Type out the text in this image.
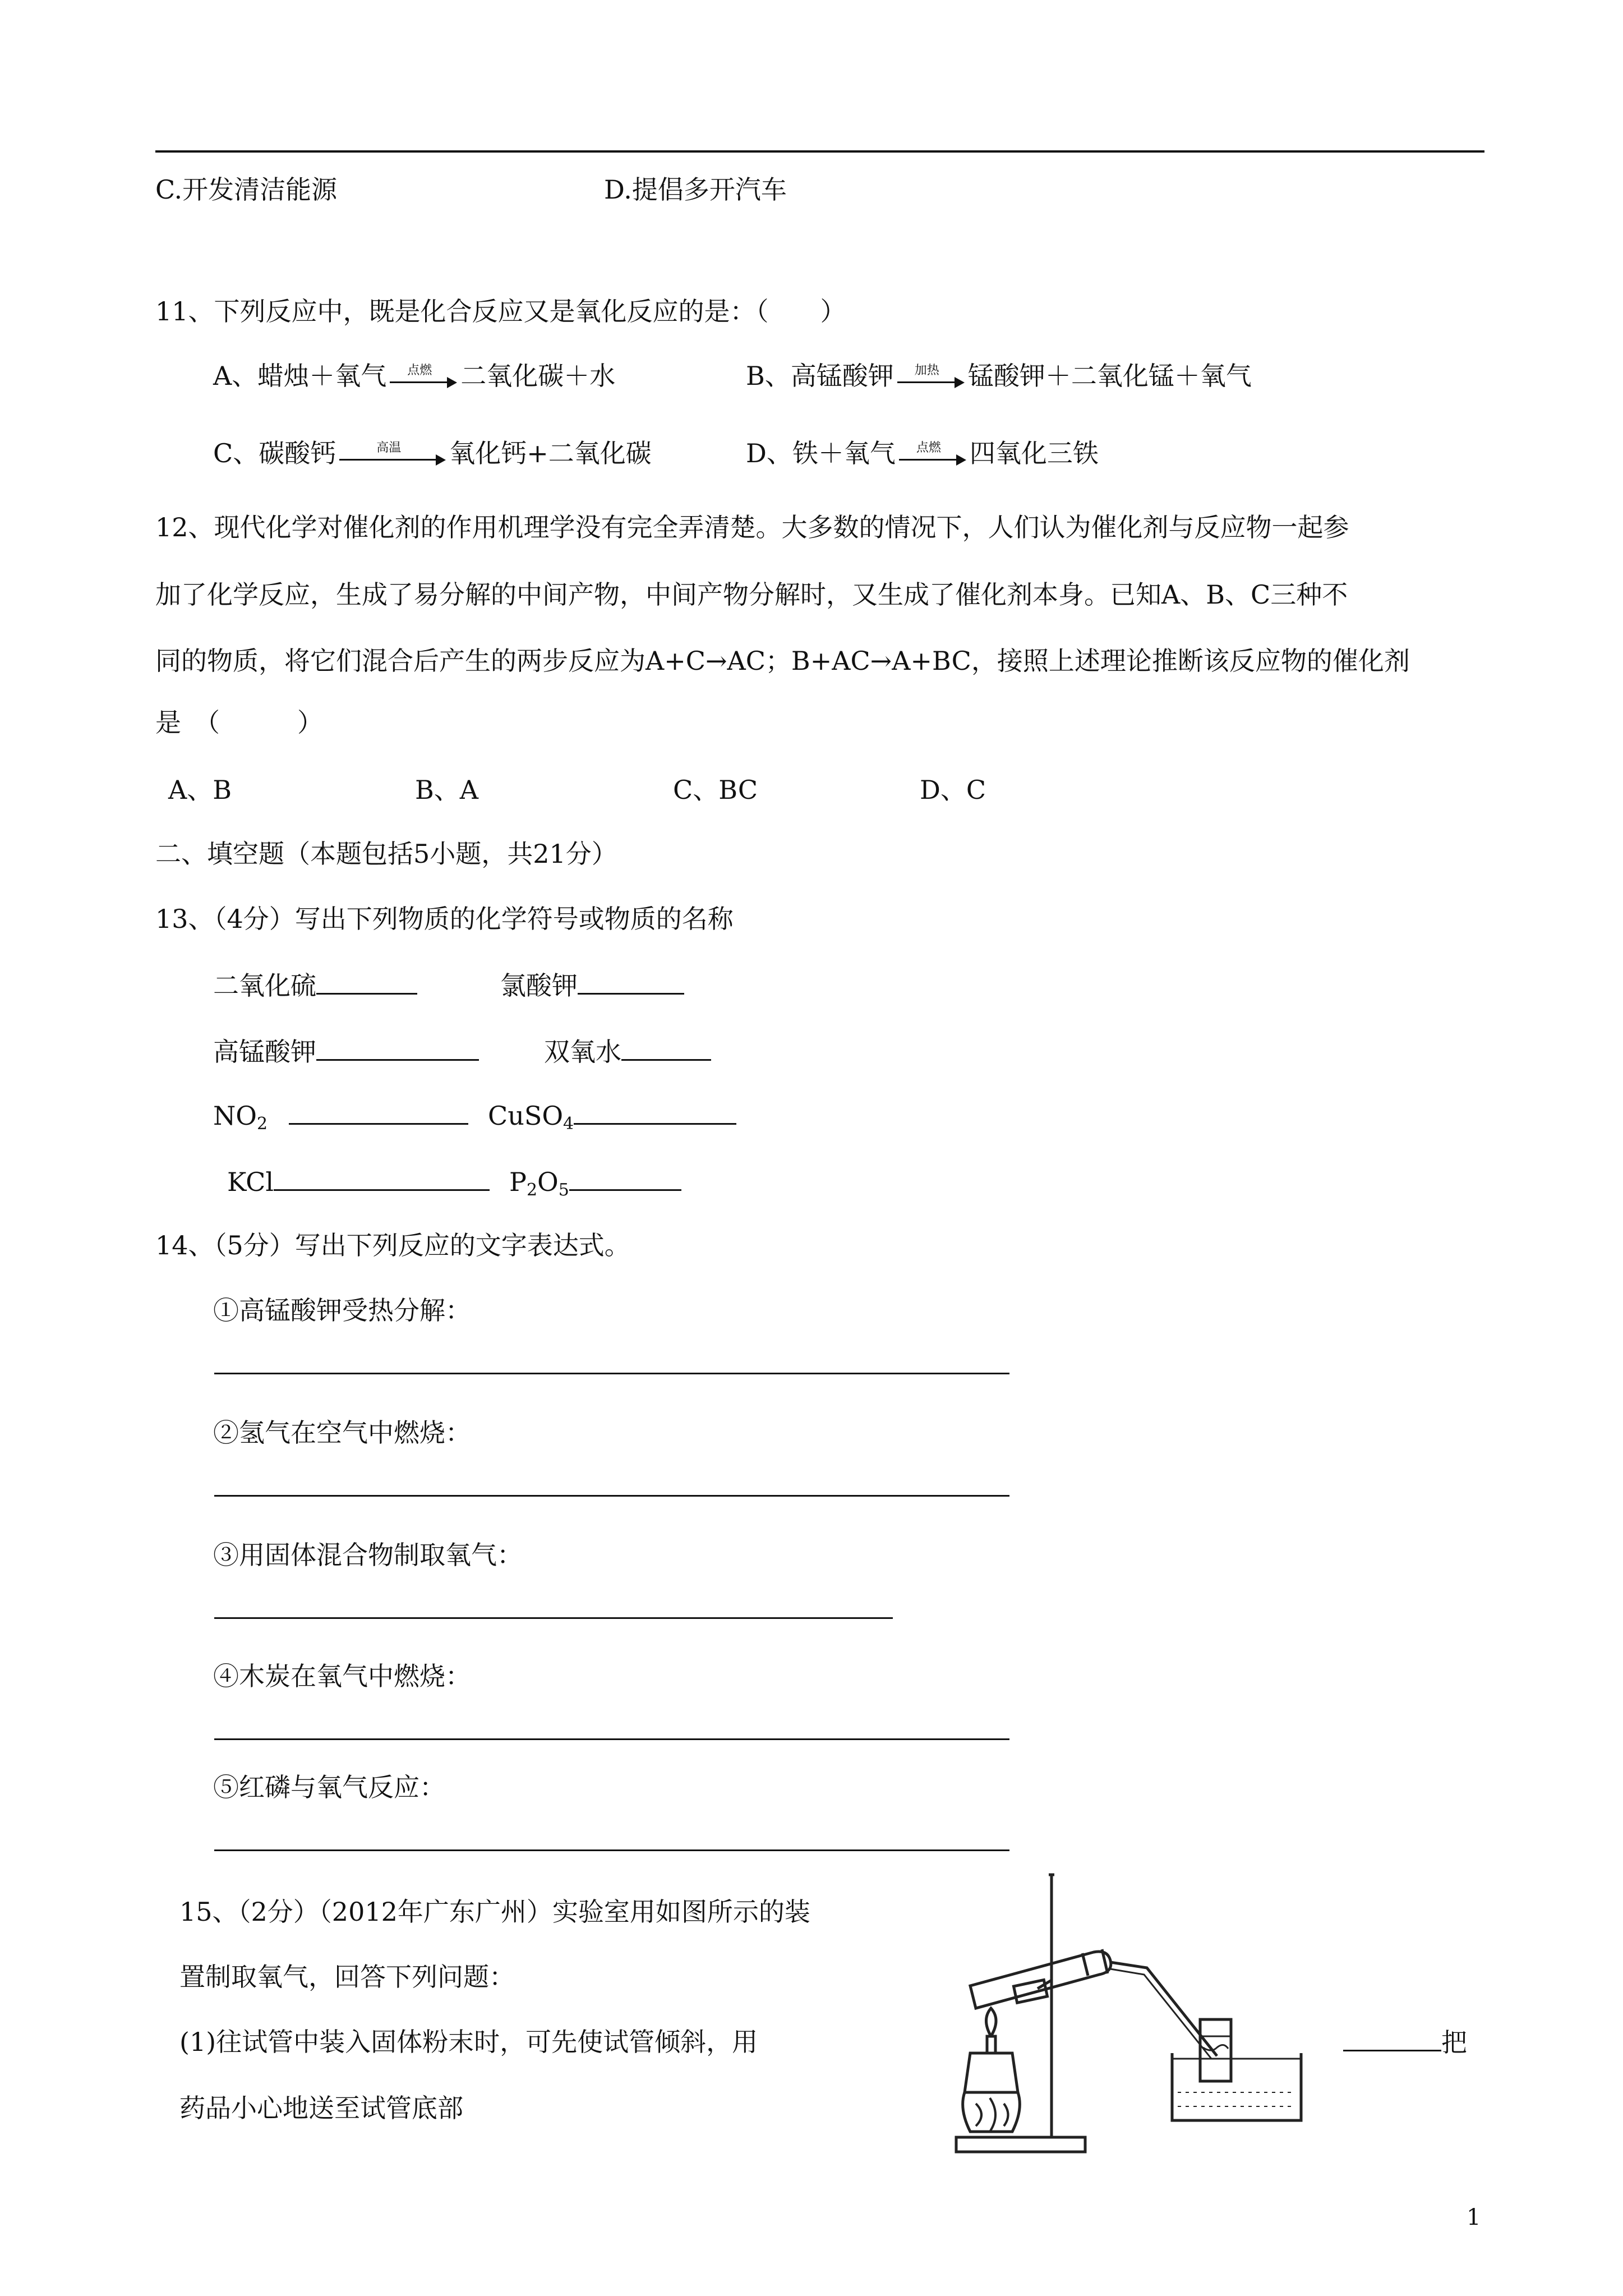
C.开发清洁能源	D.提倡多开汽车
11、下列反应中，既是化合反应又是氧化反应的是：（　　）
A、蜡烛＋氧气	点燃	二氧化碳＋水	B、高锰酸钾	加热	锰酸钾＋二氧化锰＋氧气
C、碳酸钙	高温	氧化钙+二氧化碳	D、铁＋氧气	点燃	四氧化三铁
12、现代化学对催化剂的作用机理学没有完全弄清楚。大多数的情况下，人们认为催化剂与反应物一起参
加了化学反应，生成了易分解的中间产物，中间产物分解时，又生成了催化剂本身。已知A、B、C三种不
同的物质，将它们混合后产生的两步反应为A+C→AC；B+AC→A+BC，接照上述理论推断该反应物的催化剂
是　（　　　）
A、B	B、A	C、BC	D、C
二、填空题（本题包括5小题，共21分）
13、（4分）写出下列物质的化学符号或物质的名称
二氧化硫	氯酸钾
高锰酸钾	双氧水
$NO_2$	CuSO$_4$
KCl	$P_2O_5$
14、（5分）写出下列反应的文字表达式。
①高锰酸钾受热分解：
②氢气在空气中燃烧：
③用固体混合物制取氧气：
④木炭在氧气中燃烧：
⑤红磷与氧气反应：
15、（2分）（2012年广东广州）实验室用如图所示的装
置制取氧气，回答下列问题：
(1)往试管中装入固体粉末时，可先使试管倾斜，用	把
药品小心地送至试管底部
1
